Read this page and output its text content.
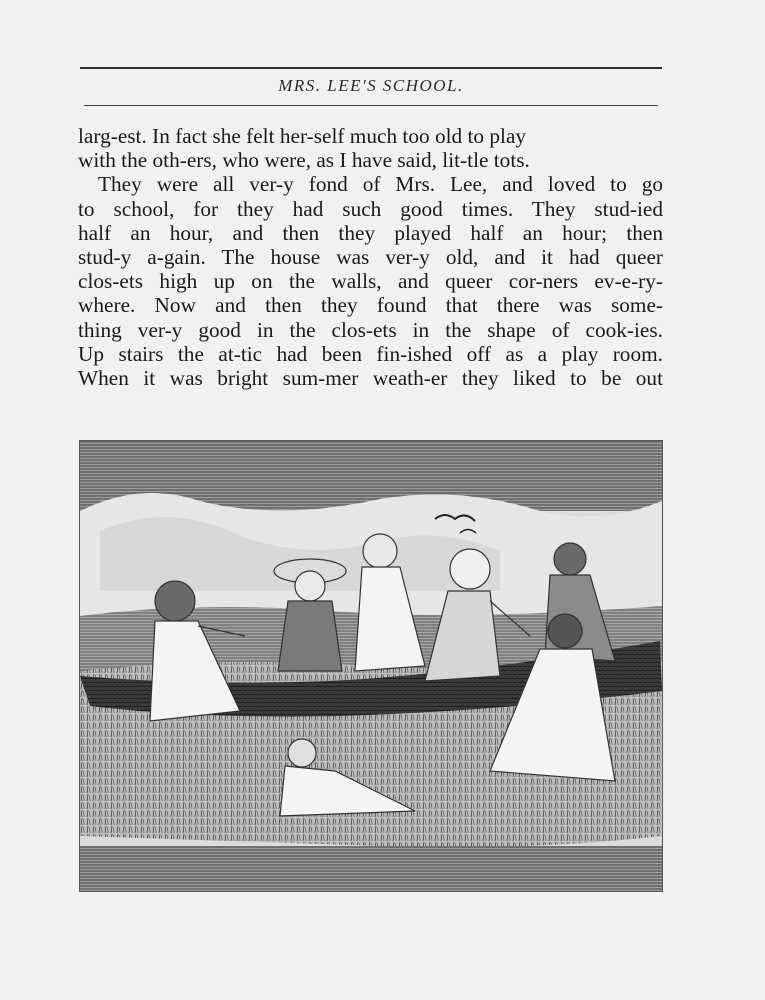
MRS. LEE'S SCHOOL.
larg-est. In fact she felt her-self much too old to play
with the oth-ers, who were, as I have said, lit-tle tots.
They were all ver-y fond of Mrs. Lee, and loved to go
to school, for they had such good times. They stud-ied
half an hour, and then they played half an hour; then
stud-y a-gain. The house was ver-y old, and it had queer
clos-ets high up on the walls, and queer cor-ners ev-e-ry-
where. Now and then they found that there was some-
thing ver-y good in the clos-ets in the shape of cook-ies.
Up stairs the at-tic had been fin-ished off as a play room.
When it was bright sum-mer weath-er they liked to be out
